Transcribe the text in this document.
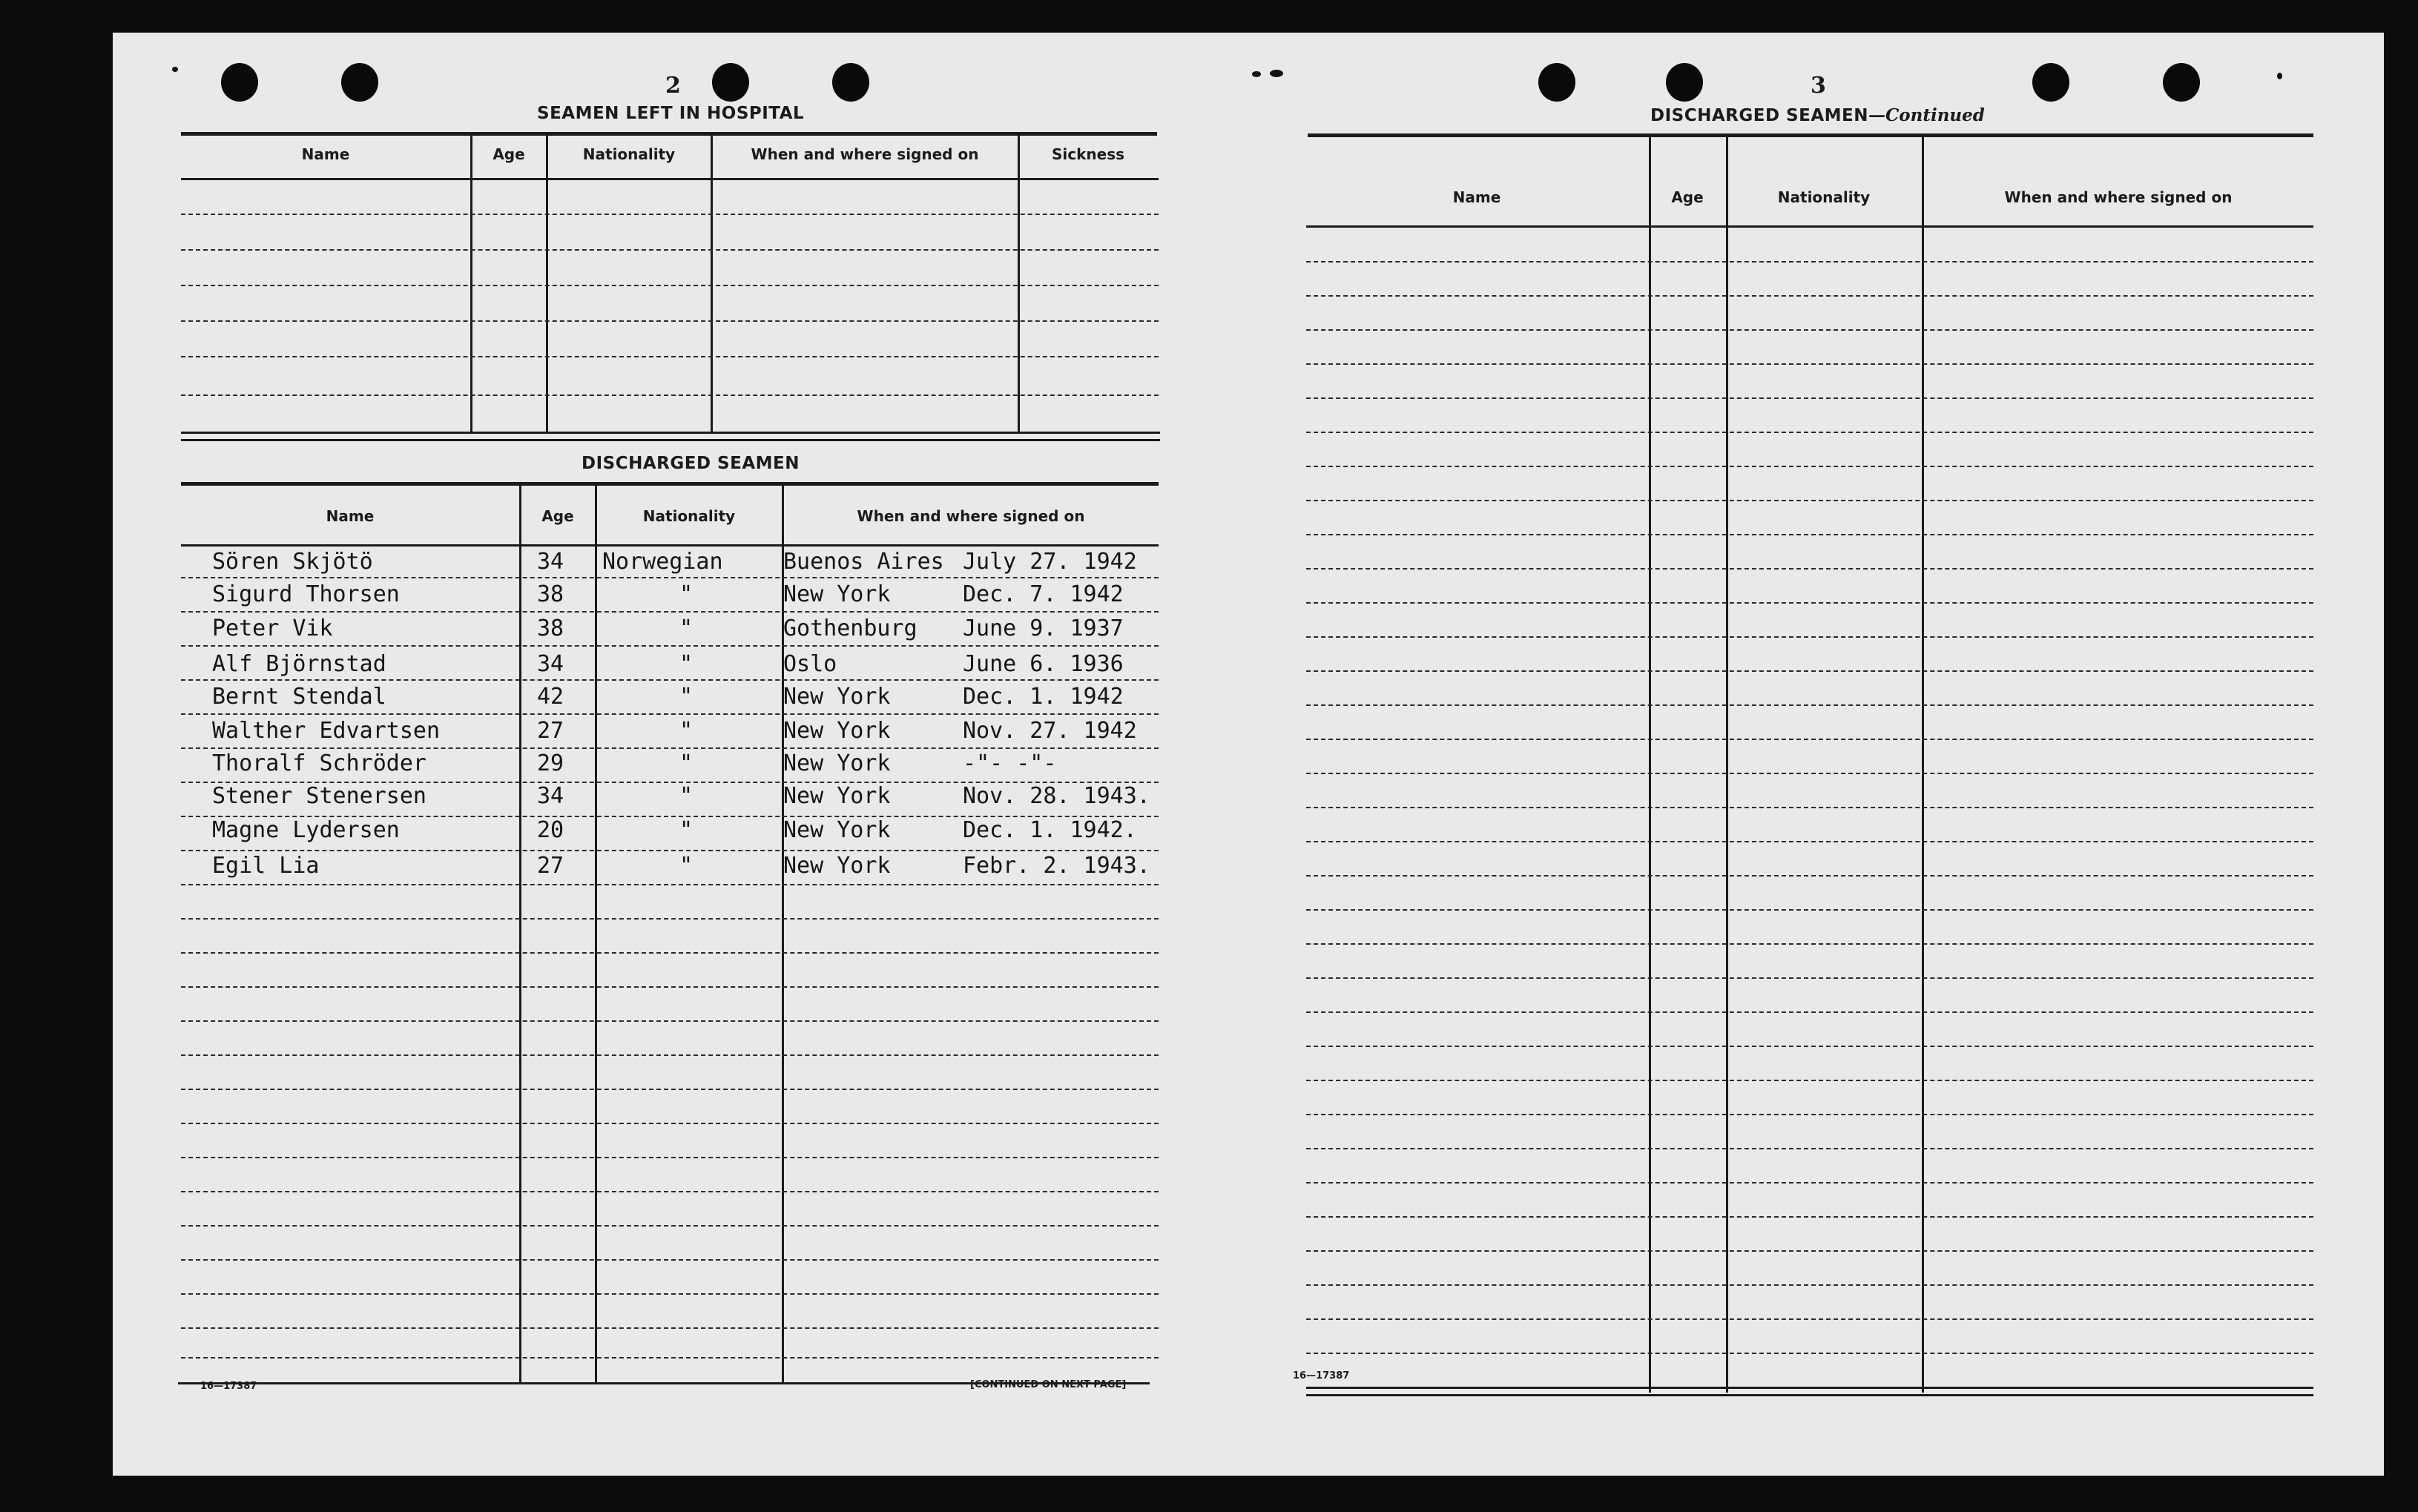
2
SEAMEN LEFT IN HOSPITAL
Name	Age	Nationality	When and where signed on	Sickness
DISCHARGED SEAMEN
Name	Age	Nationality	When and where signed on
Sören Skjötö	34 Norwegian	Buenos Aires July 27. 1942
Sigurd Thorsen	38	"	New York	Dec. 7. 1942
Peter Vik	38	"	Gothenburg June 9. 1937
Alf Björnstad	34	"	Oslo	June 6. 1936
Bernt Stendal	42	"	New York	Dec. 1. 1942
Walther Edvartsen	27	"	New York	Nov. 27. 1942
Thoralf Schröder	29	"	New York	-"- -"-
Stener Stenersen	34	"	New York	Nov. 28. 1943.
Magne Lydersen	20	"	New York	Dec. 1. 1942.
Egil Lia	27	"	New York	Febr. 2. 1943.
16—17387	[CONTINUED ON NEXT PAGE]
3
DISCHARGED SEAMEN—Continued
Name	Age	Nationality	When and where signed on
16—17387
